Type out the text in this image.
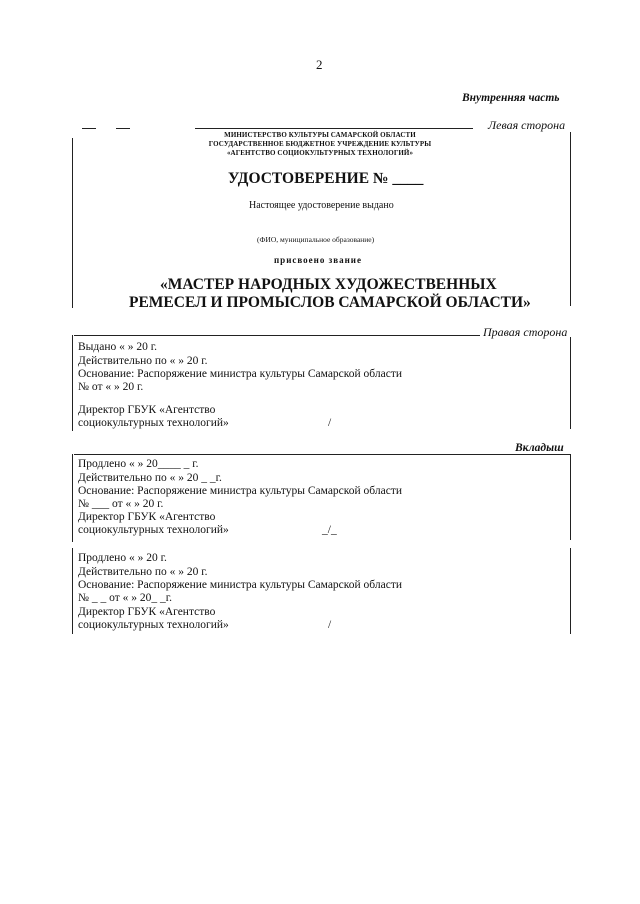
2
Внутренняя часть
Левая сторона
МИНИСТЕРСТВО КУЛЬТУРЫ САМАРСКОЙ ОБЛАСТИ
ГОСУДАРСТВЕННОЕ БЮДЖЕТНОЕ УЧРЕЖДЕНИЕ КУЛЬТУРЫ
«АГЕНТСТВО СОЦИОКУЛЬТУРНЫХ ТЕХНОЛОГИЙ»
УДОСТОВЕРЕНИЕ № ____
Настоящее удостоверение выдано
(ФИО, муниципальное образование)
присвоено звание
«МАСТЕР НАРОДНЫХ ХУДОЖЕСТВЕННЫХ
РЕМЕСЕЛ И ПРОМЫСЛОВ САМАРСКОЙ ОБЛАСТИ»
Правая сторона
Выдано « » 20 г.
Действительно по « » 20 г.
Основание: Распоряжение министра культуры Самарской области
№ от « » 20 г.
Директор ГБУК «Агентство
социокультурных технологий»	/
Вкладыш
Продлено « » 20____ _ г.
Действительно по « » 20 _ _г.
Основание: Распоряжение министра культуры Самарской области
№ ___ от « » 20 г.
Директор ГБУК «Агентство
социокультурных технологий»	_/_
Продлено « » 20 г.
Действительно по « » 20 г.
Основание: Распоряжение министра культуры Самарской области
№ _ _ от « » 20_ _г.
Директор ГБУК «Агентство
социокультурных технологий»	/
